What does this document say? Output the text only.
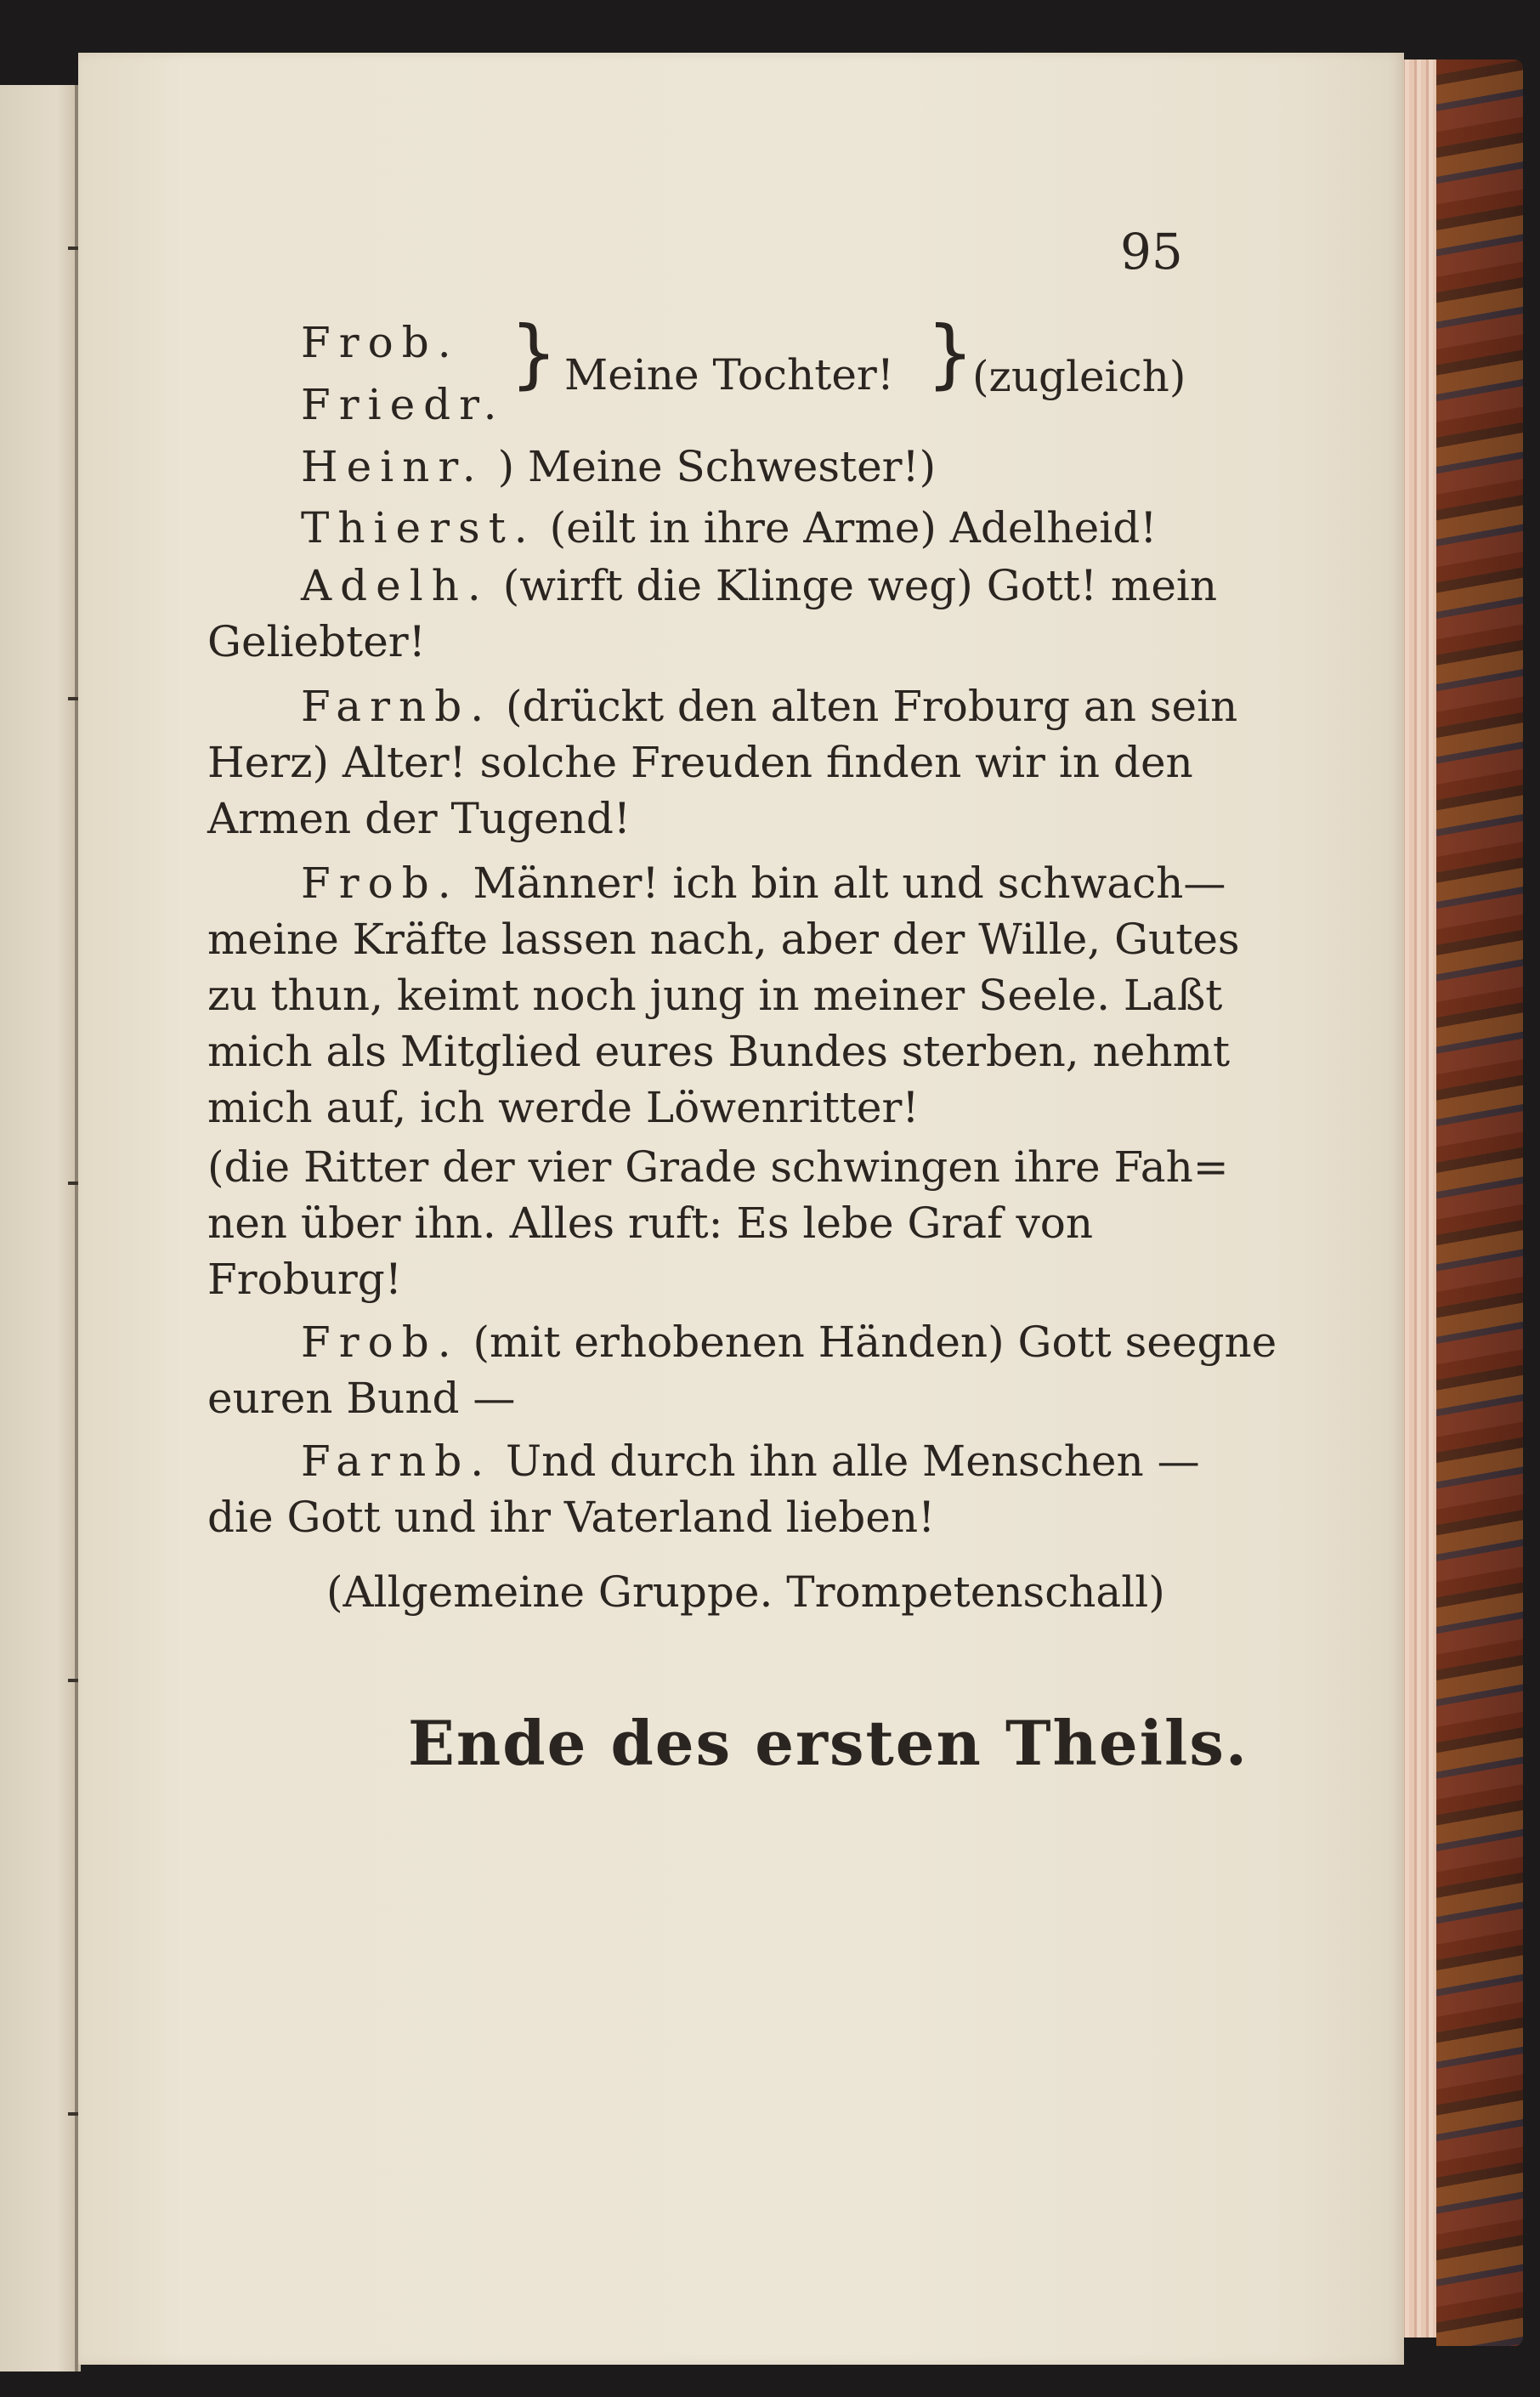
95
Frob.
Friedr.
} Meine Tochter! }
(zugleich)
Heinr. ) Meine Schwester!)
Thierst. (eilt in ihre Arme) Adelheid!
Adelh. (wirft die Klinge weg) Gott! mein
Geliebter!
Farnb. (drückt den alten Froburg an sein
Herz) Alter! solche Freuden finden wir in den
Armen der Tugend!
Frob. Männer! ich bin alt und schwach—
meine Kräfte lassen nach, aber der Wille, Gutes
zu thun, keimt noch jung in meiner Seele. Laßt
mich als Mitglied eures Bundes sterben, nehmt
mich auf, ich werde Löwenritter!
(die Ritter der vier Grade schwingen ihre Fah=
nen über ihn. Alles ruft: Es lebe Graf von
Froburg!
Frob. (mit erhobenen Händen) Gott seegne
euren Bund —
Farnb. Und durch ihn alle Menschen —
die Gott und ihr Vaterland lieben!
(Allgemeine Gruppe. Trompetenschall)
Ende des ersten Theils.
